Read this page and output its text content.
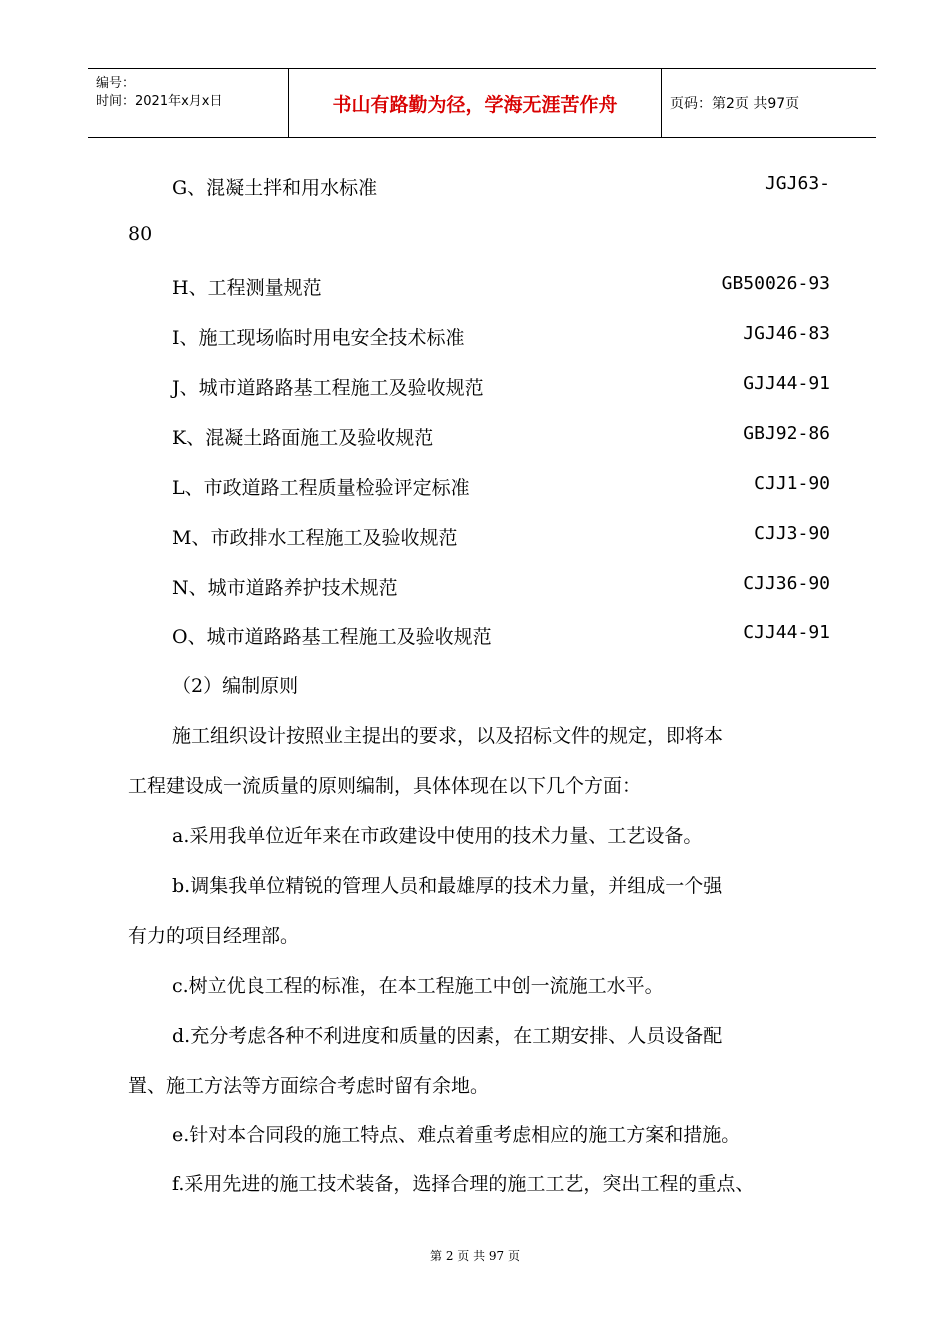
编号：
时间：2021年x月x日	书山有路勤为径，学海无涯苦作舟	页码：第2页 共97页
G、混凝土拌和用水标准	JGJ63-
80
H、工程测量规范	GB50026-93
I、施工现场临时用电安全技术标准	JGJ46-83
J、城市道路路基工程施工及验收规范	GJJ44-91
K、混凝土路面施工及验收规范	GBJ92-86
L、市政道路工程质量检验评定标准	CJJ1-90
M、市政排水工程施工及验收规范	CJJ3-90
N、城市道路养护技术规范	CJJ36-90
O、城市道路路基工程施工及验收规范	CJJ44-91
（2）编制原则
施工组织设计按照业主提出的要求，以及招标文件的规定，即将本
工程建设成一流质量的原则编制，具体体现在以下几个方面：
a.采用我单位近年来在市政建设中使用的技术力量、工艺设备。
b.调集我单位精锐的管理人员和最雄厚的技术力量，并组成一个强
有力的项目经理部。
c.树立优良工程的标准，在本工程施工中创一流施工水平。
d.充分考虑各种不利进度和质量的因素，在工期安排、人员设备配
置、施工方法等方面综合考虑时留有余地。
e.针对本合同段的施工特点、难点着重考虑相应的施工方案和措施。
f.采用先进的施工技术装备，选择合理的施工工艺，突出工程的重点、
第 2 页 共 97 页
